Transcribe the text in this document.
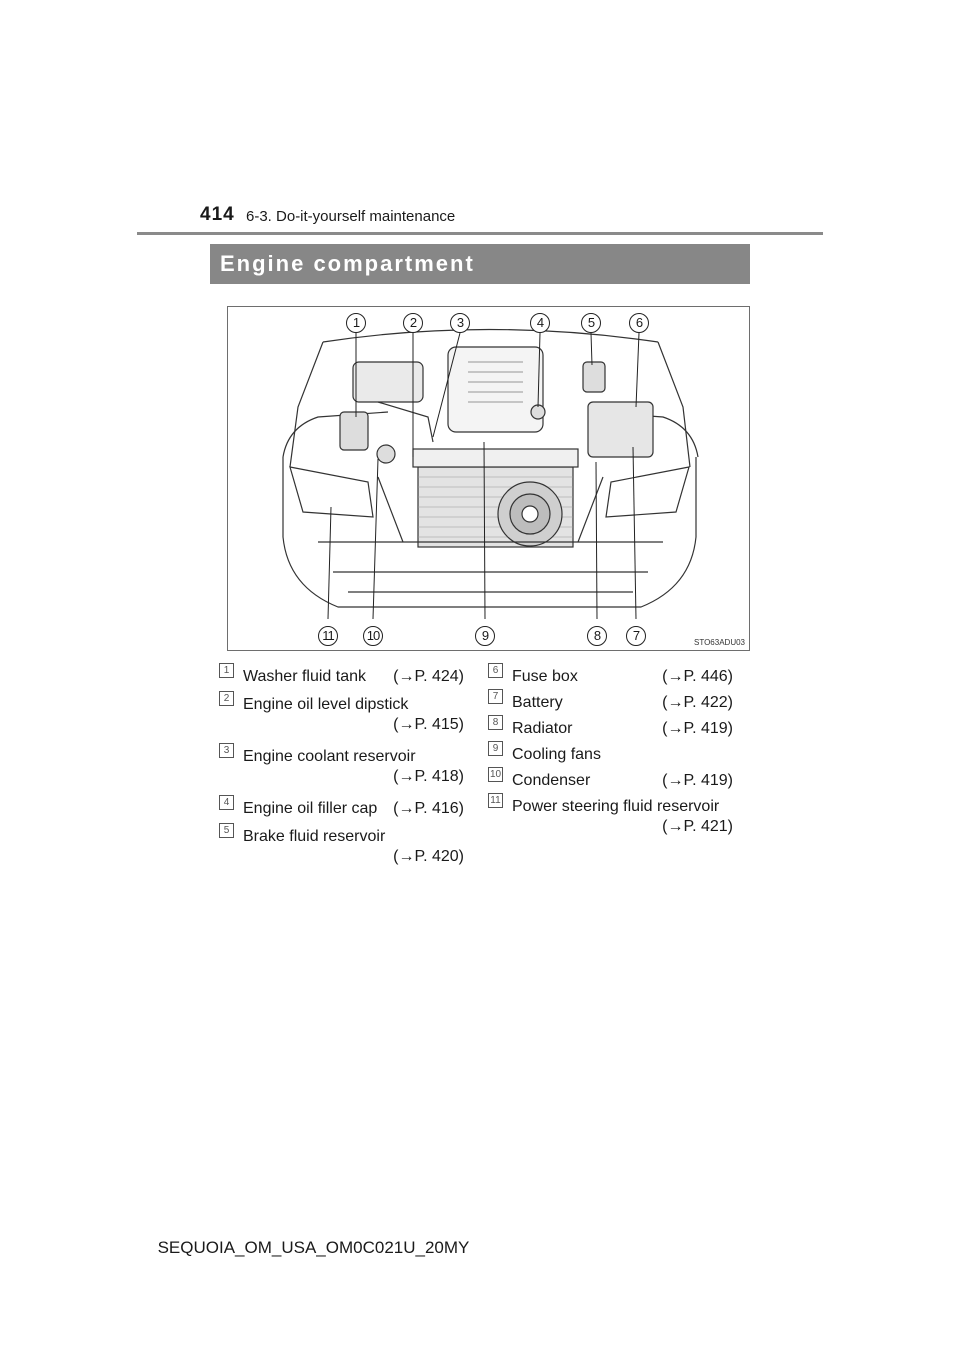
414 6-3. Do-it-yourself maintenance
Engine compartment
1	2	3	4	5	6
11	10	9	8	7	STO63ADU03
1 Washer fluid tank (→P. 424)
2 Engine oil level dipstick
(→P. 415)
3 Engine coolant reservoir
(→P. 418)
4 Engine oil filler cap (→P. 416)
5 Brake fluid reservoir
(→P. 420)
6 Fuse box	(→P. 446)
7 Battery	(→P. 422)
8 Radiator	(→P. 419)
9 Cooling fans
10 Condenser	(→P. 419)
11 Power steering fluid reservoir
(→P. 421)
SEQUOIA_OM_USA_OM0C021U_20MY
